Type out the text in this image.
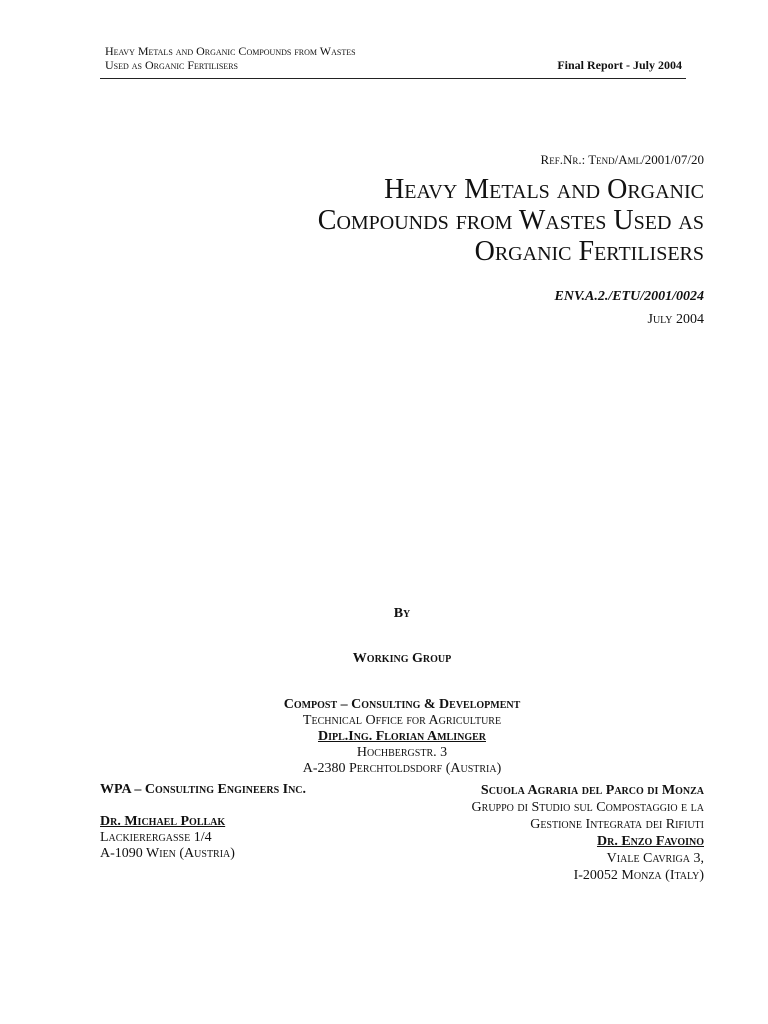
Heavy Metals and Organic Compounds from Wastes
Used as Organic Fertilisers	Final Report - July 2004
Ref.Nr.: Tend/Aml/2001/07/20
Heavy Metals and Organic
Compounds from Wastes Used as
Organic Fertilisers
ENV.A.2./ETU/2001/0024
July 2004
By
Working Group
Compost – Consulting & Development
Technical Office for Agriculture
Dipl.Ing. Florian Amlinger
Hochbergstr. 3
A-2380 Perchtoldsdorf (Austria)
WPA – Consulting Engineers Inc.
Dr. Michael Pollak
Lackierergasse 1/4
A-1090 Wien (Austria)
Scuola Agraria del Parco di Monza
Gruppo di Studio sul Compostaggio e la
Gestione Integrata dei Rifiuti
Dr. Enzo Favoino
Viale Cavriga 3,
I-20052 Monza (Italy)
